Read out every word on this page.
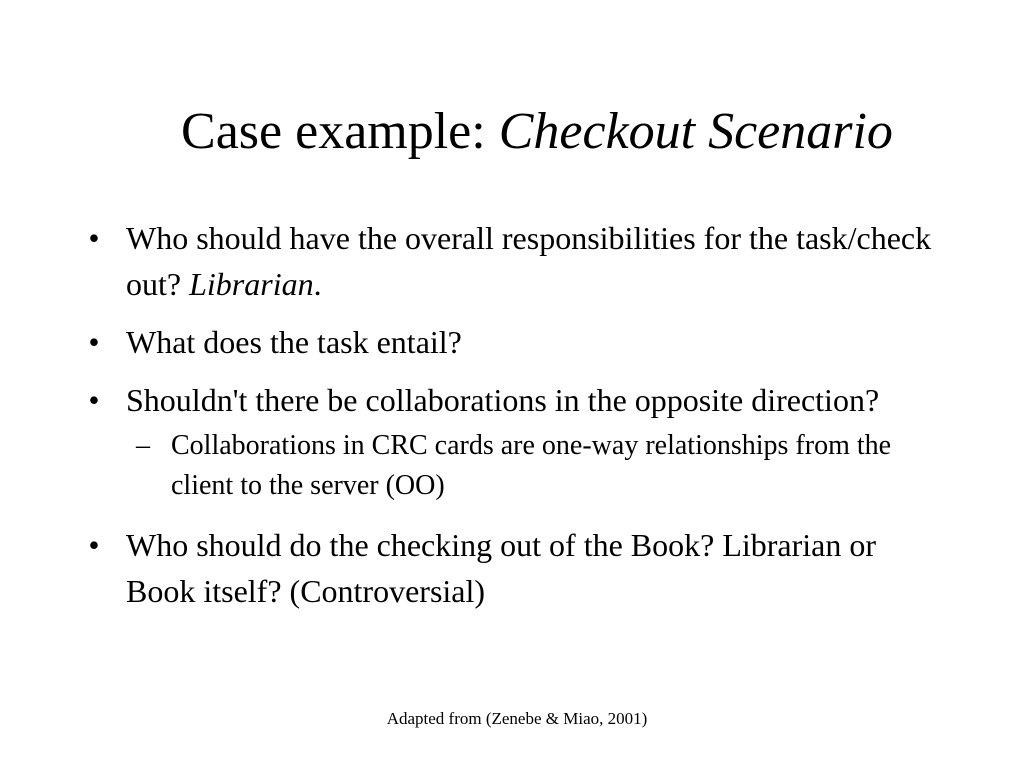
Case example: Checkout Scenario
• Who should have the overall responsibilities for the task/check out? Librarian.
• What does the task entail?
• Shouldn't there be collaborations in the opposite direction?
– Collaborations in CRC cards are one-way relationships from the client to the server (OO)
• Who should do the checking out of the Book? Librarian or Book itself? (Controversial)
Adapted from (Zenebe & Miao, 2001)
